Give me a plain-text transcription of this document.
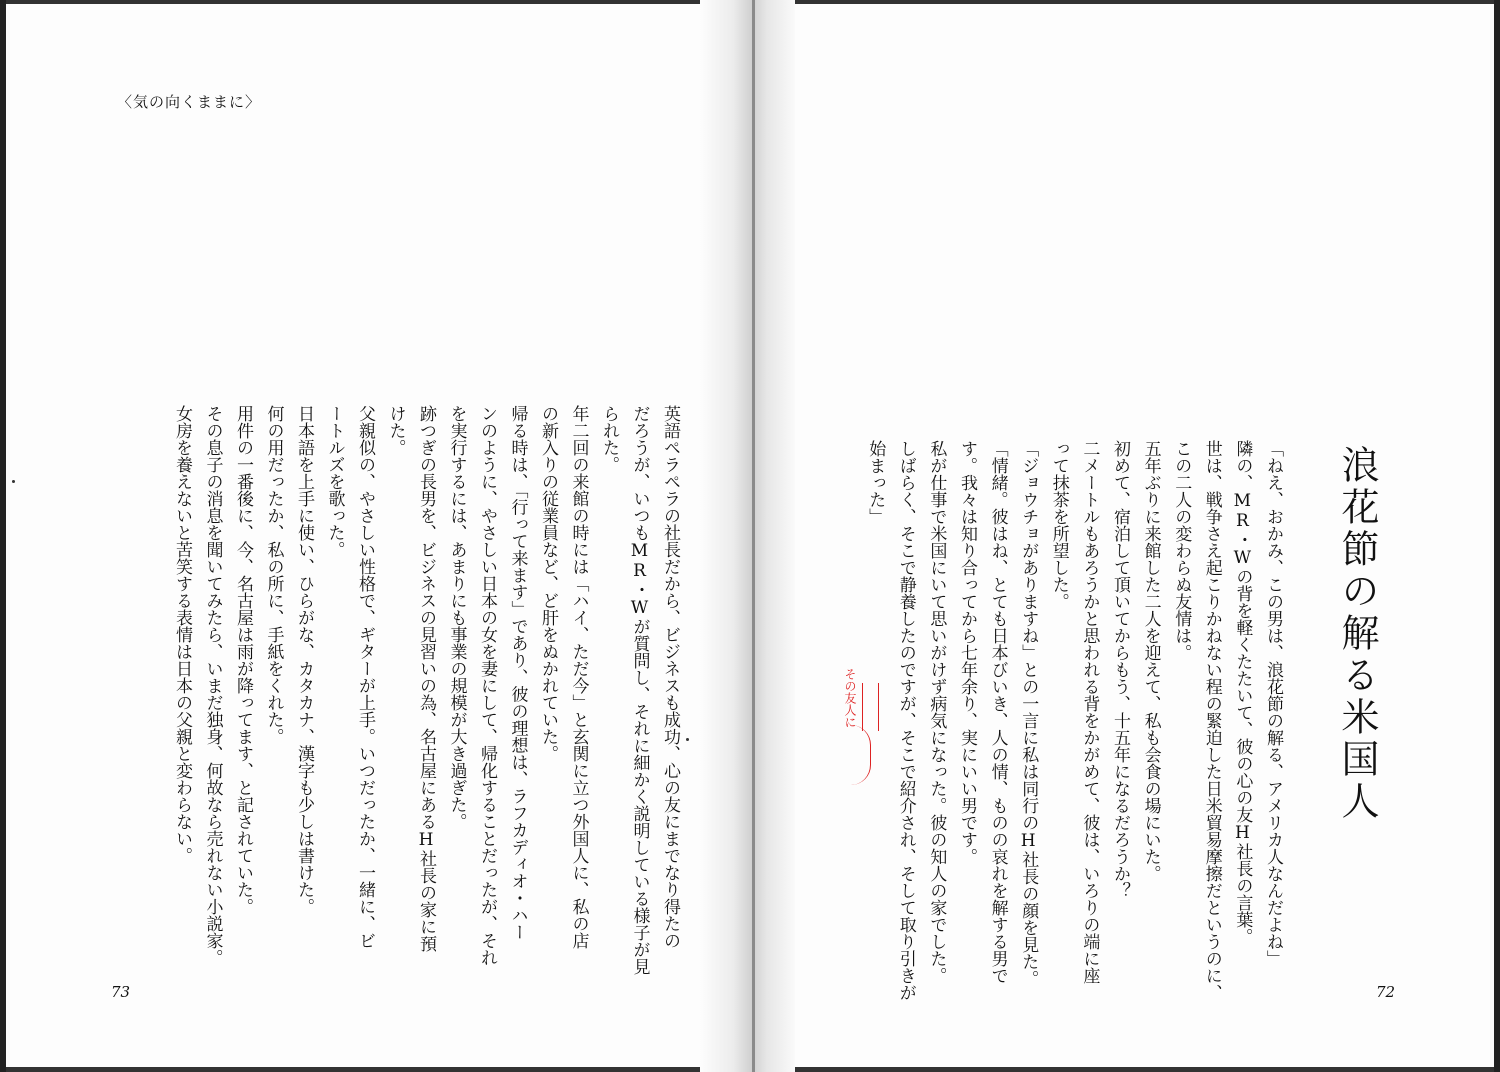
〈気の向くままに〉
英語ペラペラの社長だから、ビジネスも成功、心の友にまでなり得たの
だろうが、いつもMR・Wが質問し、それに細かく説明している様子が見
られた。
年二回の来館の時には「ハイ、ただ今」と玄関に立つ外国人に、私の店
の新入りの従業員など、ど肝をぬかれていた。
帰る時は、「行って来ます」であり、彼の理想は、ラフカディオ・ハー
ンのように、やさしい日本の女を妻にして、帰化することだったが、それ
を実行するには、あまりにも事業の規模が大き過ぎた。
跡つぎの長男を、ビジネスの見習いの為、名古屋にあるH社長の家に預
けた。
父親似の、やさしい性格で、ギターが上手。いつだったか、一緒に、ビ
ートルズを歌った。
日本語を上手に使い、ひらがな、カタカナ、漢字も少しは書けた。
何の用だったか、私の所に、手紙をくれた。
用件の一番後に、今、名古屋は雨が降ってます、と記されていた。
その息子の消息を聞いてみたら、いまだ独身、何故なら売れない小説家。
女房を養えないと苦笑する表情は日本の父親と変わらない。
73
浪花節の解る米国人
「ねえ、おかみ、この男は、浪花節の解る、アメリカ人なんだよね」
隣の、MR・Wの背を軽くたたいて、彼の心の友H社長の言葉。
世は、戦争さえ起こりかねない程の緊迫した日米貿易摩擦だというのに、
この二人の変わらぬ友情は。
五年ぶりに来館した二人を迎えて、私も会食の場にいた。
初めて、宿泊して頂いてからもう、十五年になるだろうか？
二メートルもあろうかと思われる背をかがめて、彼は、いろりの端に座
って抹茶を所望した。
「ジョウチョがありますね」との一言に私は同行のH社長の顔を見た。
「情緒。彼はね、とても日本びいき、人の情、ものの哀れを解する男で
す。我々は知り合ってから七年余り、実にいい男です。
私が仕事で米国にいて思いがけず病気になった。彼の知人の家でした。
しばらく、そこで静養したのですが、そこで紹介され、そして取り引きが
始まった」
72
その友人に
